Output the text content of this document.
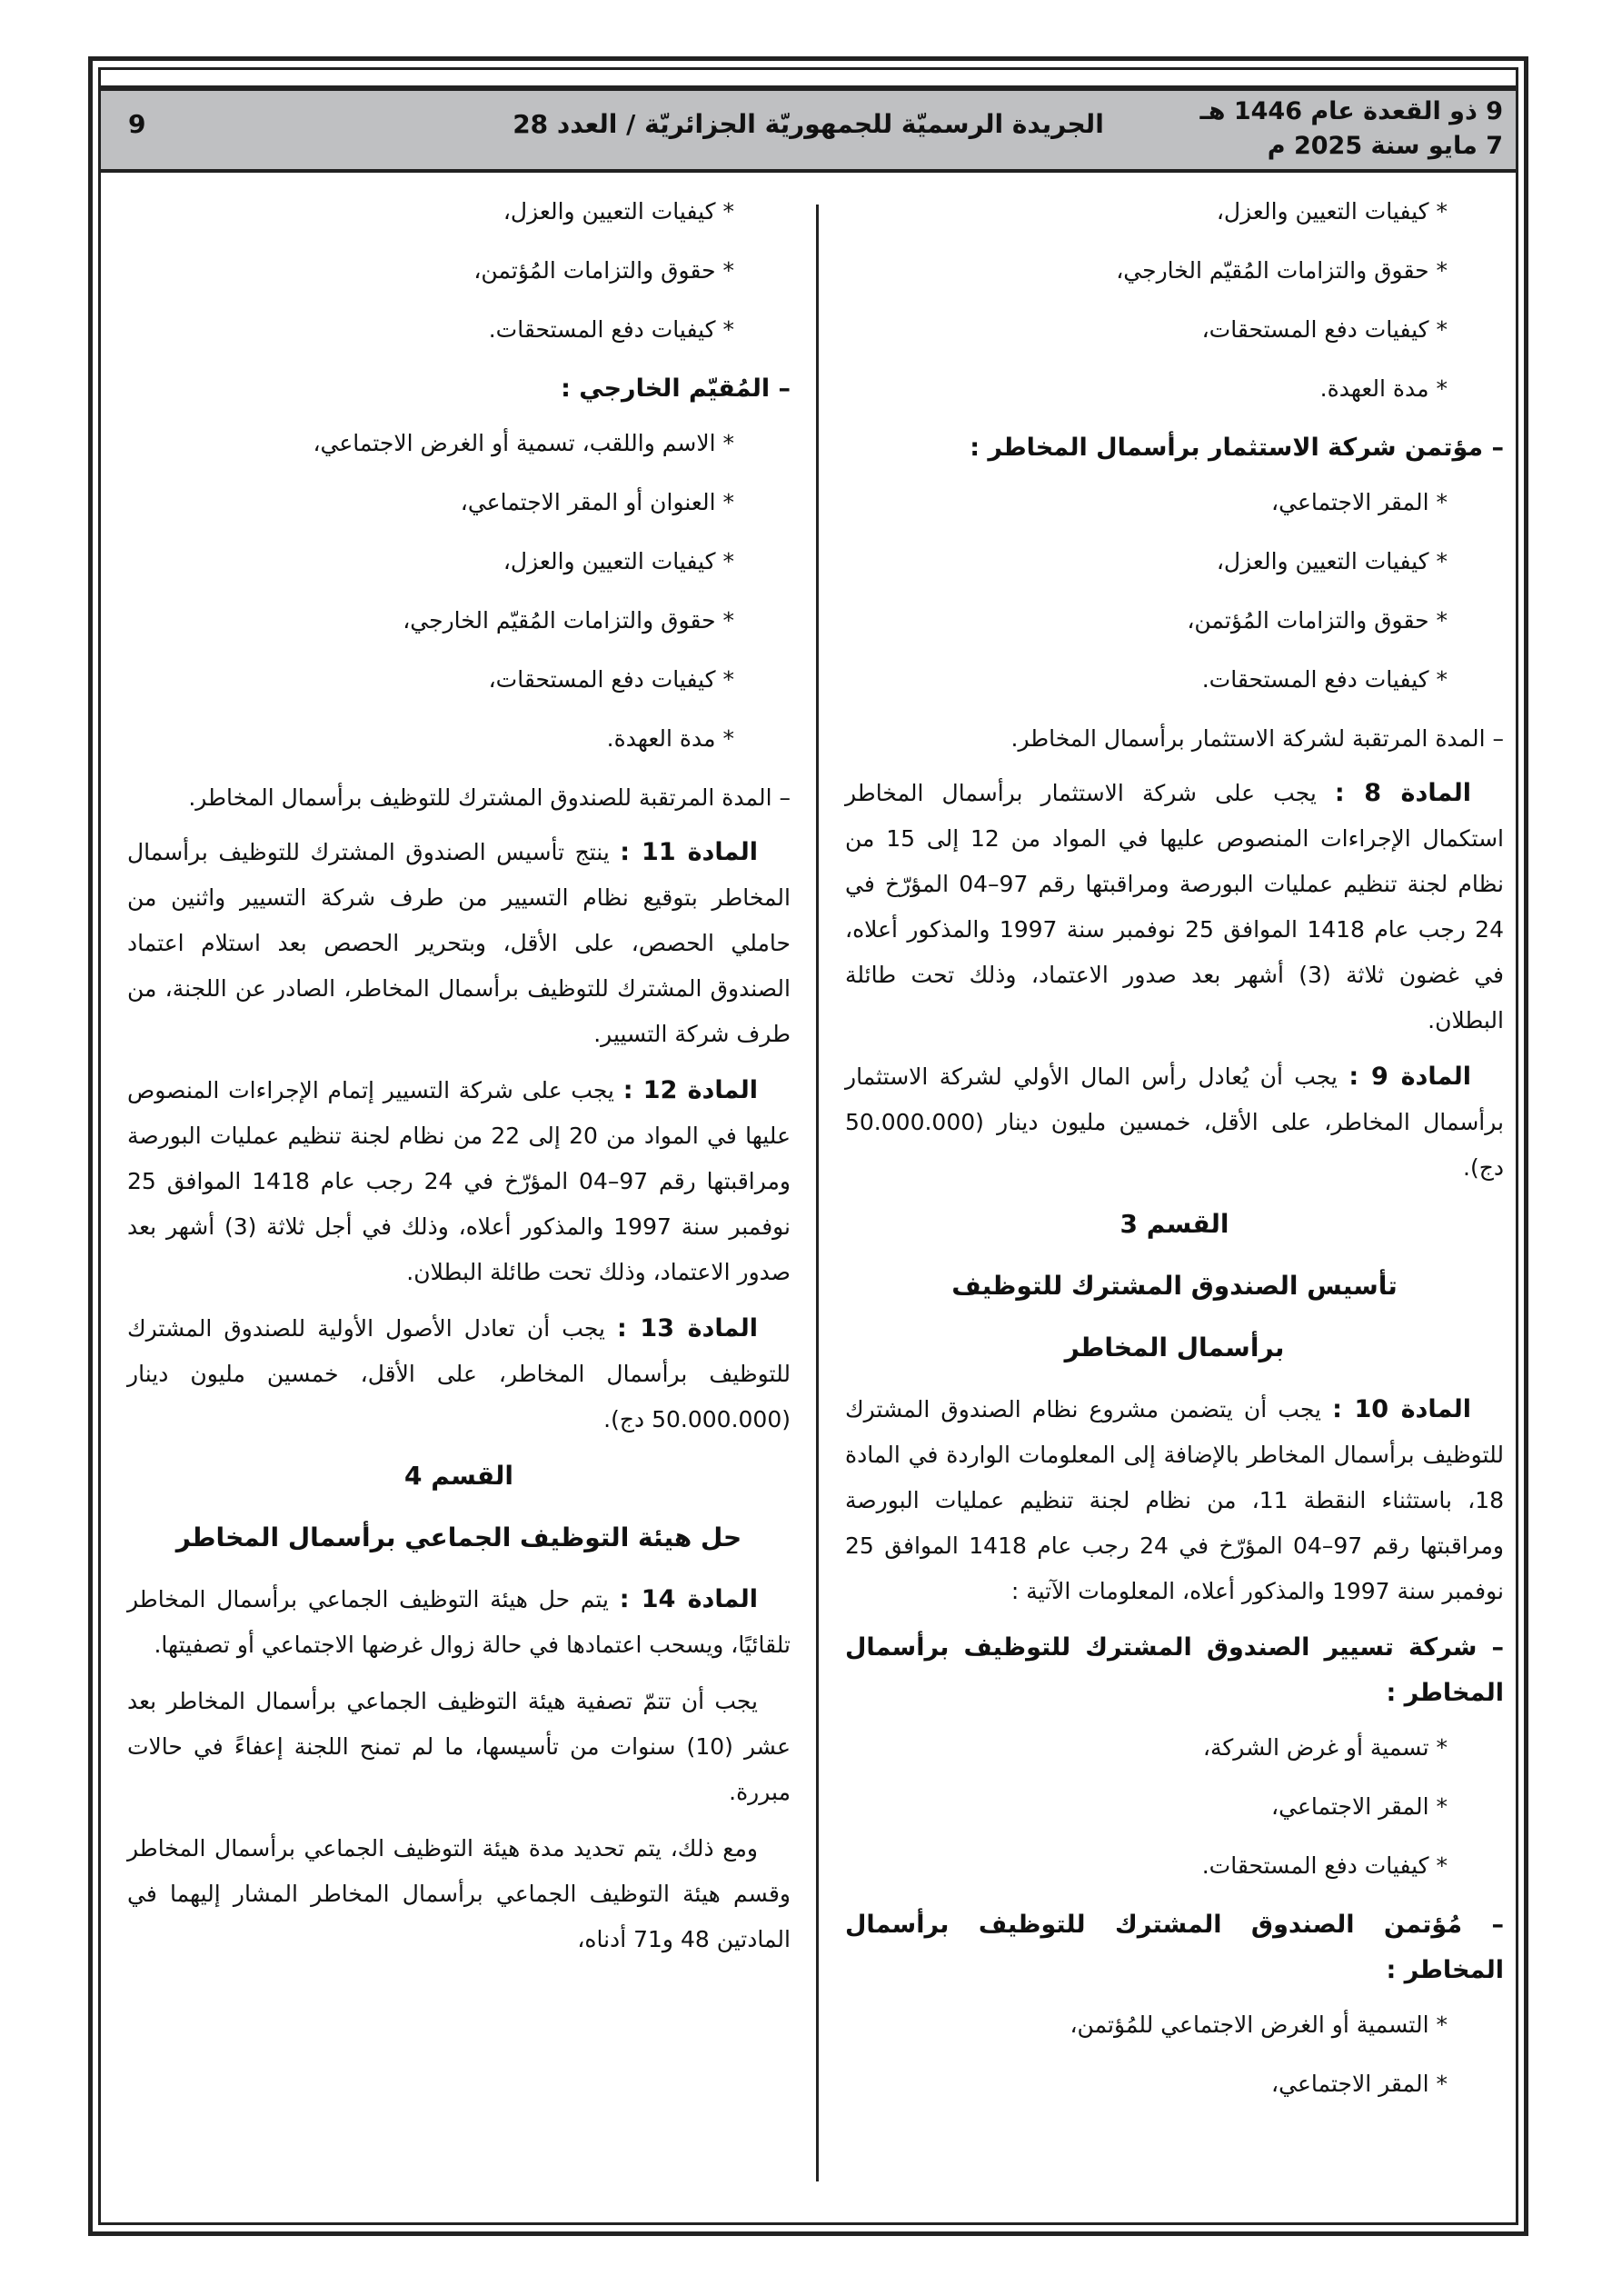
9 ذو القعدة عام 1446 هـ
7 مايو سنة 2025 م
الجريدة الرسميّة للجمهوريّة الجزائريّة / العدد 28
9
* كيفيات التعيين والعزل،
* حقوق والتزامات المُقيّم الخارجي،
* كيفيات دفع المستحقات،
* مدة العهدة.
– مؤتمن شركة الاستثمار برأسمال المخاطر :
* المقر الاجتماعي،
* كيفيات التعيين والعزل،
* حقوق والتزامات المُؤتمن،
* كيفيات دفع المستحقات.
– المدة المرتقبة لشركة الاستثمار برأسمال المخاطر.
المادة 8 : يجب على شركة الاستثمار برأسمال المخاطر استكمال الإجراءات المنصوص عليها في المواد من 12 إلى 15 من نظام لجنة تنظيم عمليات البورصة ومراقبتها رقم 97–04 المؤرّخ في 24 رجب عام 1418 الموافق 25 نوفمبر سنة 1997 والمذكور أعلاه، في غضون ثلاثة (3) أشهر بعد صدور الاعتماد، وذلك تحت طائلة البطلان.
المادة 9 : يجب أن يُعادل رأس المال الأولي لشركة الاستثمار برأسمال المخاطر، على الأقل، خمسين مليون دينار (50.000.000 دج).
القسم 3
تأسيس الصندوق المشترك للتوظيف
برأسمال المخاطر
المادة 10 : يجب أن يتضمن مشروع نظام الصندوق المشترك للتوظيف برأسمال المخاطر بالإضافة إلى المعلومات الواردة في المادة 18، باستثناء النقطة 11، من نظام لجنة تنظيم عمليات البورصة ومراقبتها رقم 97–04 المؤرّخ في 24 رجب عام 1418 الموافق 25 نوفمبر سنة 1997 والمذكور أعلاه، المعلومات الآتية :
– شركة تسيير الصندوق المشترك للتوظيف برأسمال المخاطر :
* تسمية أو غرض الشركة،
* المقر الاجتماعي،
* كيفيات دفع المستحقات.
– مُؤتمن الصندوق المشترك للتوظيف برأسمال المخاطر :
* التسمية أو الغرض الاجتماعي للمُؤتمن،
* المقر الاجتماعي،
* كيفيات التعيين والعزل،
* حقوق والتزامات المُؤتمن،
* كيفيات دفع المستحقات.
– المُقيّم الخارجي :
* الاسم واللقب، تسمية أو الغرض الاجتماعي،
* العنوان أو المقر الاجتماعي،
* كيفيات التعيين والعزل،
* حقوق والتزامات المُقيّم الخارجي،
* كيفيات دفع المستحقات،
* مدة العهدة.
– المدة المرتقبة للصندوق المشترك للتوظيف برأسمال المخاطر.
المادة 11 : ينتج تأسيس الصندوق المشترك للتوظيف برأسمال المخاطر بتوقيع نظام التسيير من طرف شركة التسيير واثنين من حاملي الحصص، على الأقل، وبتحرير الحصص بعد استلام اعتماد الصندوق المشترك للتوظيف برأسمال المخاطر، الصادر عن اللجنة، من طرف شركة التسيير.
المادة 12 : يجب على شركة التسيير إتمام الإجراءات المنصوص عليها في المواد من 20 إلى 22 من نظام لجنة تنظيم عمليات البورصة ومراقبتها رقم 97–04 المؤرّخ في 24 رجب عام 1418 الموافق 25 نوفمبر سنة 1997 والمذكور أعلاه، وذلك في أجل ثلاثة (3) أشهر بعد صدور الاعتماد، وذلك تحت طائلة البطلان.
المادة 13 : يجب أن تعادل الأصول الأولية للصندوق المشترك للتوظيف برأسمال المخاطر، على الأقل، خمسين مليون دينار (50.000.000 دج).
القسم 4
حل هيئة التوظيف الجماعي برأسمال المخاطر
المادة 14 : يتم حل هيئة التوظيف الجماعي برأسمال المخاطر تلقائيًا، ويسحب اعتمادها في حالة زوال غرضها الاجتماعي أو تصفيتها.
يجب أن تتمّ تصفية هيئة التوظيف الجماعي برأسمال المخاطر بعد عشر (10) سنوات من تأسيسها، ما لم تمنح اللجنة إعفاءً في حالات مبررة.
ومع ذلك، يتم تحديد مدة هيئة التوظيف الجماعي برأسمال المخاطر وقسم هيئة التوظيف الجماعي برأسمال المخاطر المشار إليهما في المادتين 48 و71 أدناه،
